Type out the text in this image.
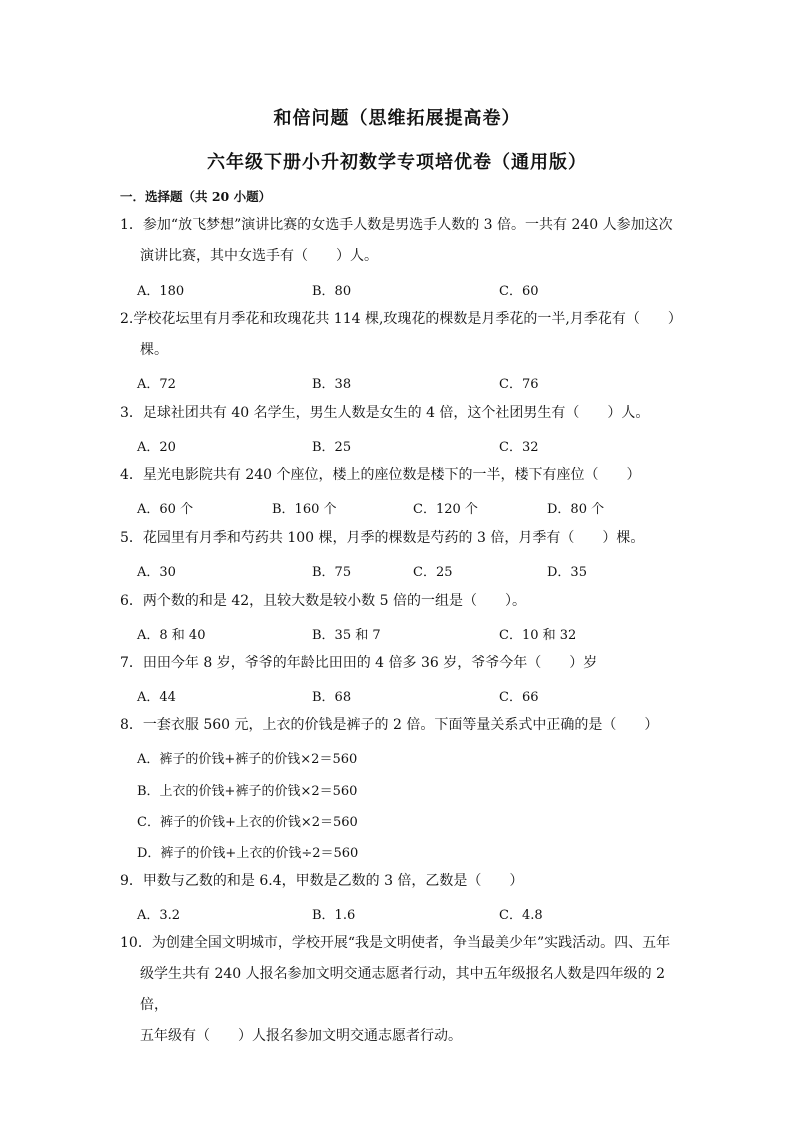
和倍问题（思维拓展提高卷）
六年级下册小升初数学专项培优卷（通用版）
一．选择题（共 20 小题）
1．参加“放飞梦想”演讲比赛的女选手人数是男选手人数的 3 倍。一共有 240 人参加这次
演讲比赛，其中女选手有（　　）人。
A．180	B．80	C．60
2.学校花坛里有月季花和玫瑰花共 114 棵,玫瑰花的棵数是月季花的一半,月季花有（　　）
棵。
A．72	B．38	C．76
3．足球社团共有 40 名学生，男生人数是女生的 4 倍，这个社团男生有（　　）人。
A．20	B．25	C．32
4．星光电影院共有 240 个座位，楼上的座位数是楼下的一半，楼下有座位（　　）
A．60 个	B．160 个	C．120 个	D．80 个
5．花园里有月季和芍药共 100 棵，月季的棵数是芍药的 3 倍，月季有（　　）棵。
A．30	B．75	C．25	D．35
6．两个数的和是 42，且较大数是较小数 5 倍的一组是（　　）。
A．8 和 40	B．35 和 7	C．10 和 32
7．田田今年 8 岁，爷爷的年龄比田田的 4 倍多 36 岁，爷爷今年（　　）岁
A．44	B．68	C．66
8．一套衣服 560 元，上衣的价钱是裤子的 2 倍。下面等量关系式中正确的是（　　）
A．裤子的价钱+裤子的价钱×2＝560
B．上衣的价钱+裤子的价钱×2＝560
C．裤子的价钱+上衣的价钱×2＝560
D．裤子的价钱+上衣的价钱÷2＝560
9．甲数与乙数的和是 6.4，甲数是乙数的 3 倍，乙数是（　　）
A．3.2	B．1.6	C．4.8
10．为创建全国文明城市，学校开展“我是文明使者，争当最美少年”实践活动。四、五年
级学生共有 240 人报名参加文明交通志愿者行动，其中五年级报名人数是四年级的 2 倍，
五年级有（　　）人报名参加文明交通志愿者行动。
